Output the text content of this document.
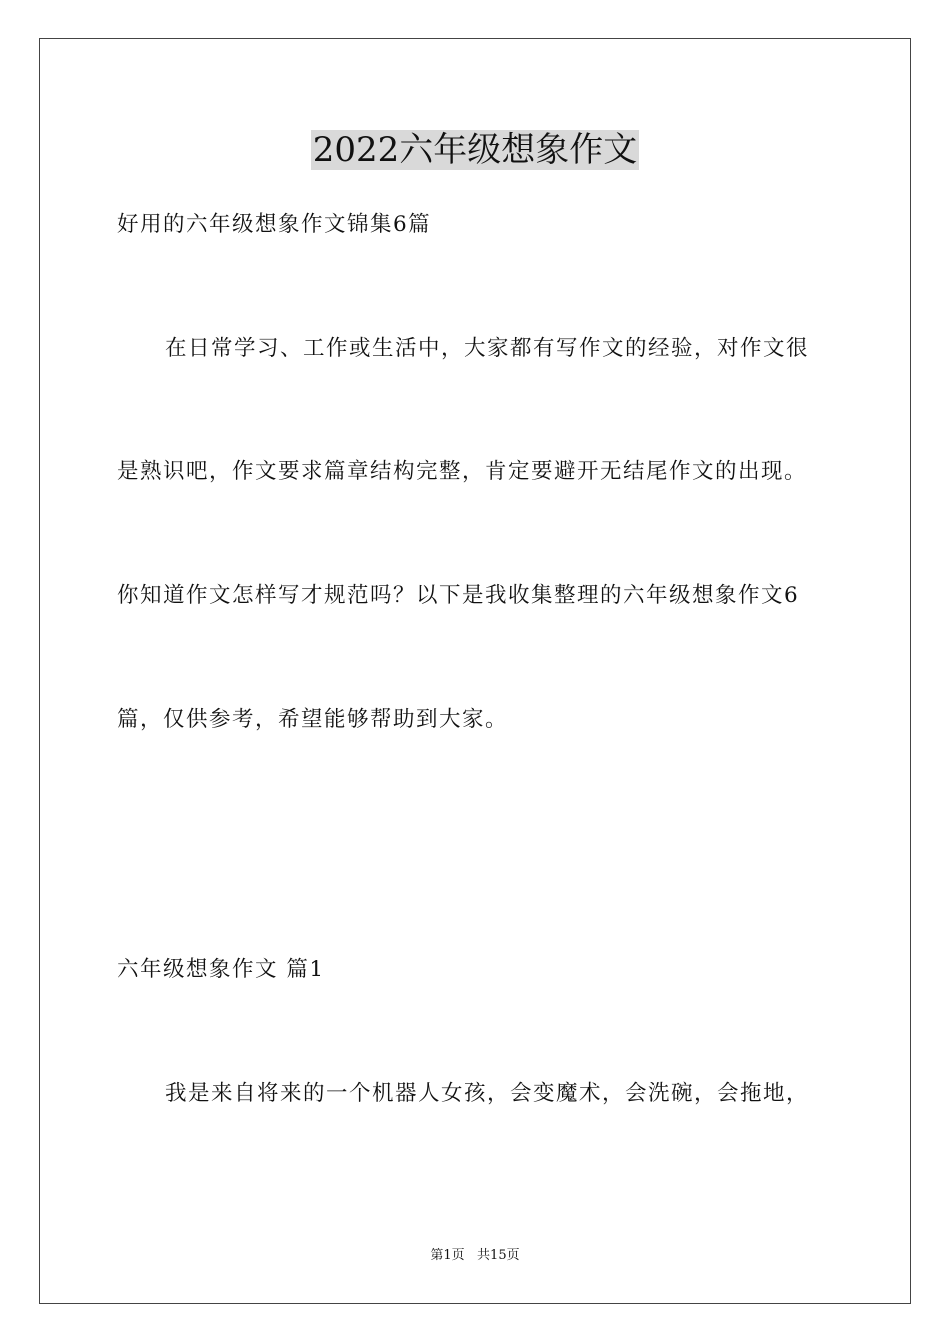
2022六年级想象作文
好用的六年级想象作文锦集6篇
在日常学习、工作或生活中，大家都有写作文的经验，对作文很
是熟识吧，作文要求篇章结构完整，肯定要避开无结尾作文的出现。
你知道作文怎样写才规范吗？以下是我收集整理的六年级想象作文6
篇，仅供参考，希望能够帮助到大家。
六年级想象作文 篇1
我是来自将来的一个机器人女孩，会变魔术，会洗碗，会拖地，
第1页   共15页
